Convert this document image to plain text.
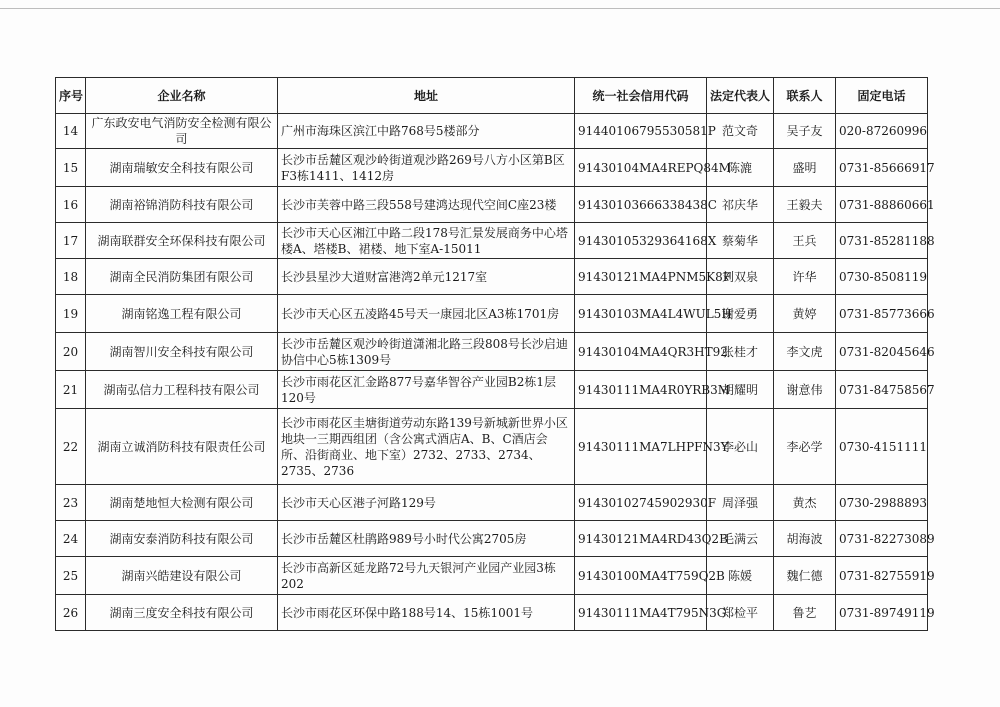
序号	企业名称	地址	统一社会信用代码	法定代表人	联系人	固定电话
14	广东政安电气消防安全检测有限公司	广州市海珠区滨江中路768号5楼部分	91440106795530581P	范文奇	吴子友	020-87260996
15	湖南瑞敏安全科技有限公司	长沙市岳麓区观沙岭街道观沙路269号八方小区第B区F3栋1411、1412房	91430104MA4REPQ84M	陈漉	盛明	0731-85666917
16	湖南裕锦消防科技有限公司	长沙市芙蓉中路三段558号建鸿达现代空间C座23楼	91430103666338438C	祁庆华	王毅夫	0731-88860661
17	湖南联群安全环保科技有限公司	长沙市天心区湘江中路二段178号汇景发展商务中心塔楼A、塔楼B、裙楼、地下室A-15011	91430105329364168X	蔡菊华	王兵	0731-85281188
18	湖南全民消防集团有限公司	长沙县星沙大道财富港湾2单元1217室	91430121MA4PNM5K8F	刘双泉	许华	0730-8508119
19	湖南铭逸工程有限公司	长沙市天心区五凌路45号天一康园北区A3栋1701房	91430103MA4L4WUL5H	谢爱勇	黄婷	0731-85773666
20	湖南智川安全科技有限公司	长沙市岳麓区观沙岭街道潇湘北路三段808号长沙启迪协信中心5栋1309号	91430104MA4QR3HT92	张桂才	李文虎	0731-82045646
21	湖南弘信力工程科技有限公司	长沙市雨花区汇金路877号嘉华智谷产业园B2栋1层120号	91430111MA4R0YRB3M	胡耀明	谢意伟	0731-84758567
22	湖南立诚消防科技有限责任公司	长沙市雨花区圭塘街道劳动东路139号新城新世界小区地块一三期西组团（含公寓式酒店A、B、C酒店会所、沿街商业、地下室）2732、2733、2734、2735、2736	91430111MA7LHPFN3Y	李必山	李必学	0730-4151111
23	湖南楚地恒大检测有限公司	长沙市天心区港子河路129号	91430102745902930F	周泽强	黄杰	0730-2988893
24	湖南安泰消防科技有限公司	长沙市岳麓区杜鹃路989号小时代公寓2705房	91430121MA4RD43Q2B	毛满云	胡海波	0731-82273089
25	湖南兴皓建设有限公司	长沙市高新区延龙路72号九天银河产业园产业园3栋202	91430100MA4T759Q2B	陈媛	魏仁德	0731-82755919
26	湖南三度安全科技有限公司	长沙市雨花区环保中路188号14、15栋1001号	91430111MA4T795N3G	郑检平	鲁艺	0731-89749119
